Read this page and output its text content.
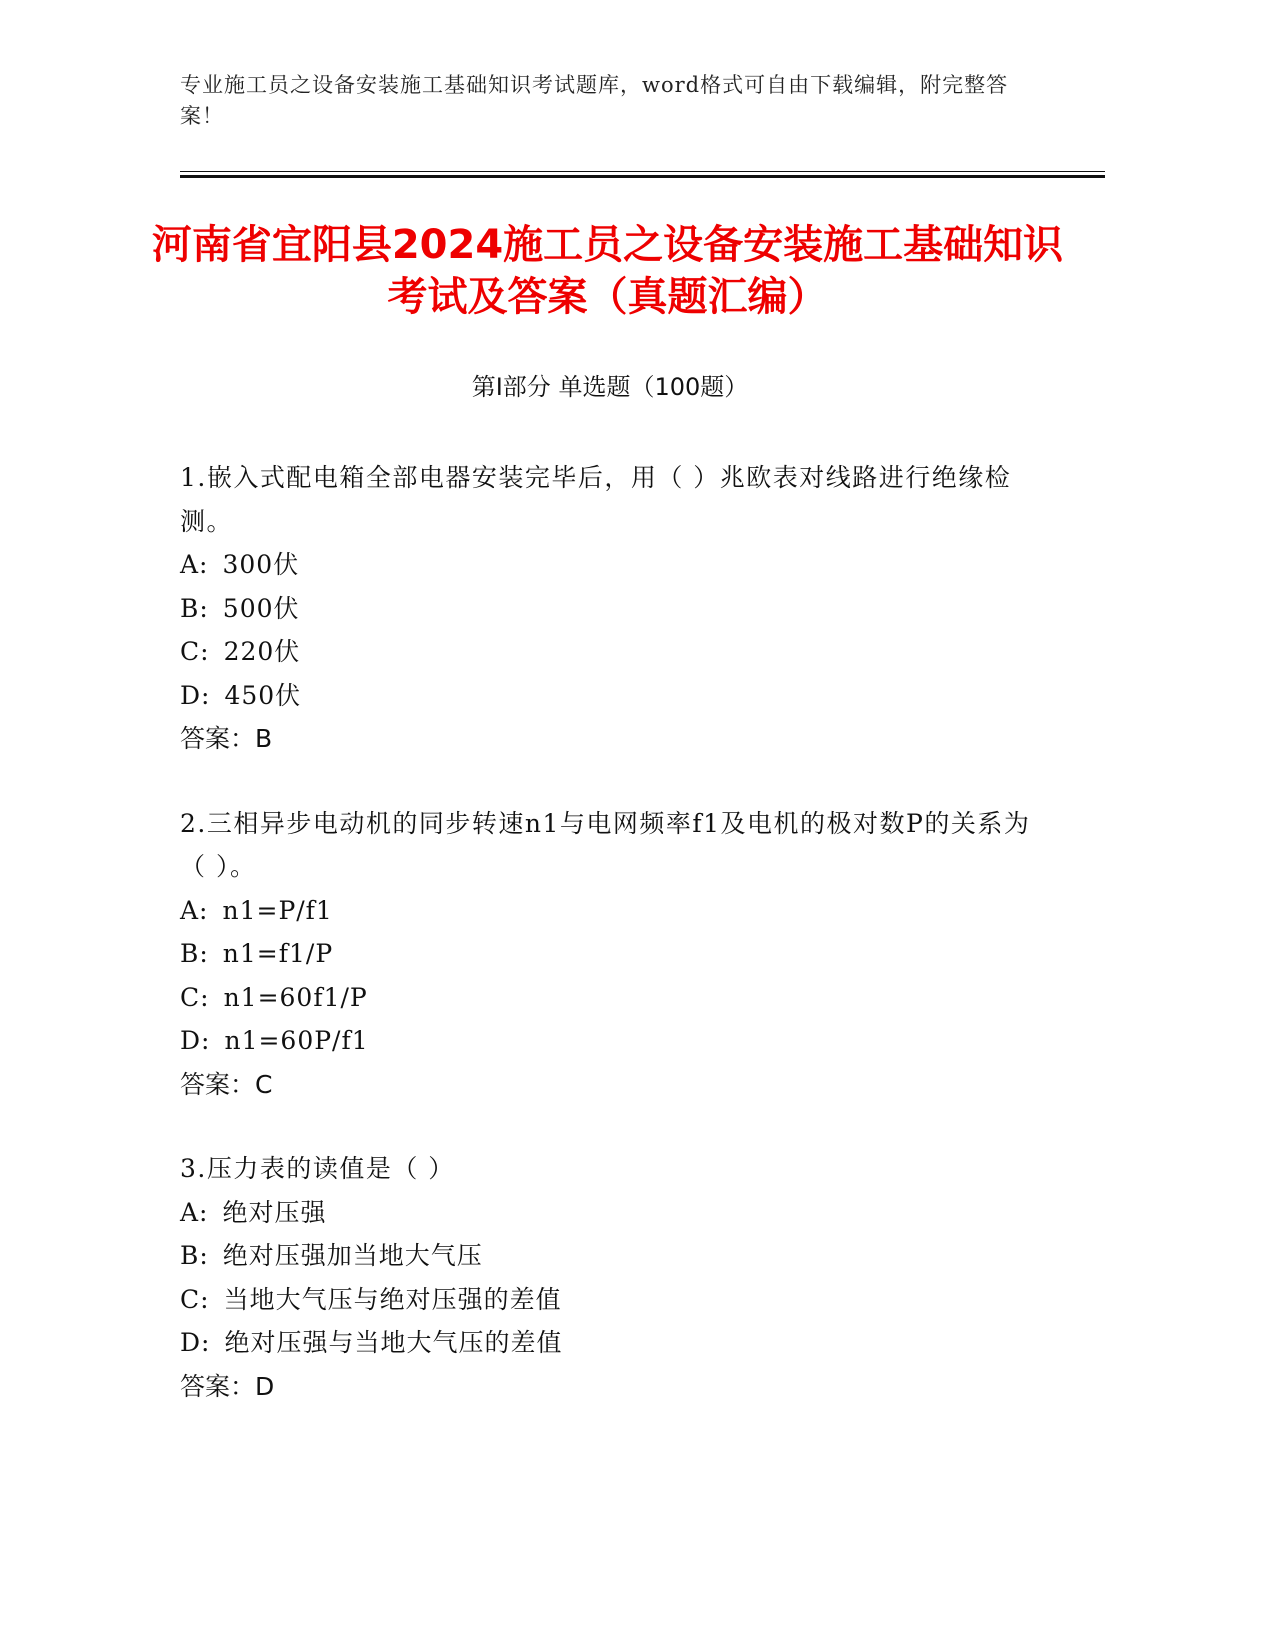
专业施工员之设备安装施工基础知识考试题库，word格式可自由下载编辑，附完整答案！
河南省宜阳县2024施工员之设备安装施工基础知识考试及答案（真题汇编）
第Ⅰ部分 单选题（100题）
1.嵌入式配电箱全部电器安装完毕后，用（ ）兆欧表对线路进行绝缘检测。
A: 300伏
B: 500伏
C: 220伏
D: 450伏
答案：B
2.三相异步电动机的同步转速n1与电网频率f1及电机的极对数P的关系为（ ）。
A: n1=P/f1
B: n1=f1/P
C: n1=60f1/P
D: n1=60P/f1
答案：C
3.压力表的读值是（ ）
A: 绝对压强
B: 绝对压强加当地大气压
C: 当地大气压与绝对压强的差值
D: 绝对压强与当地大气压的差值
答案：D
